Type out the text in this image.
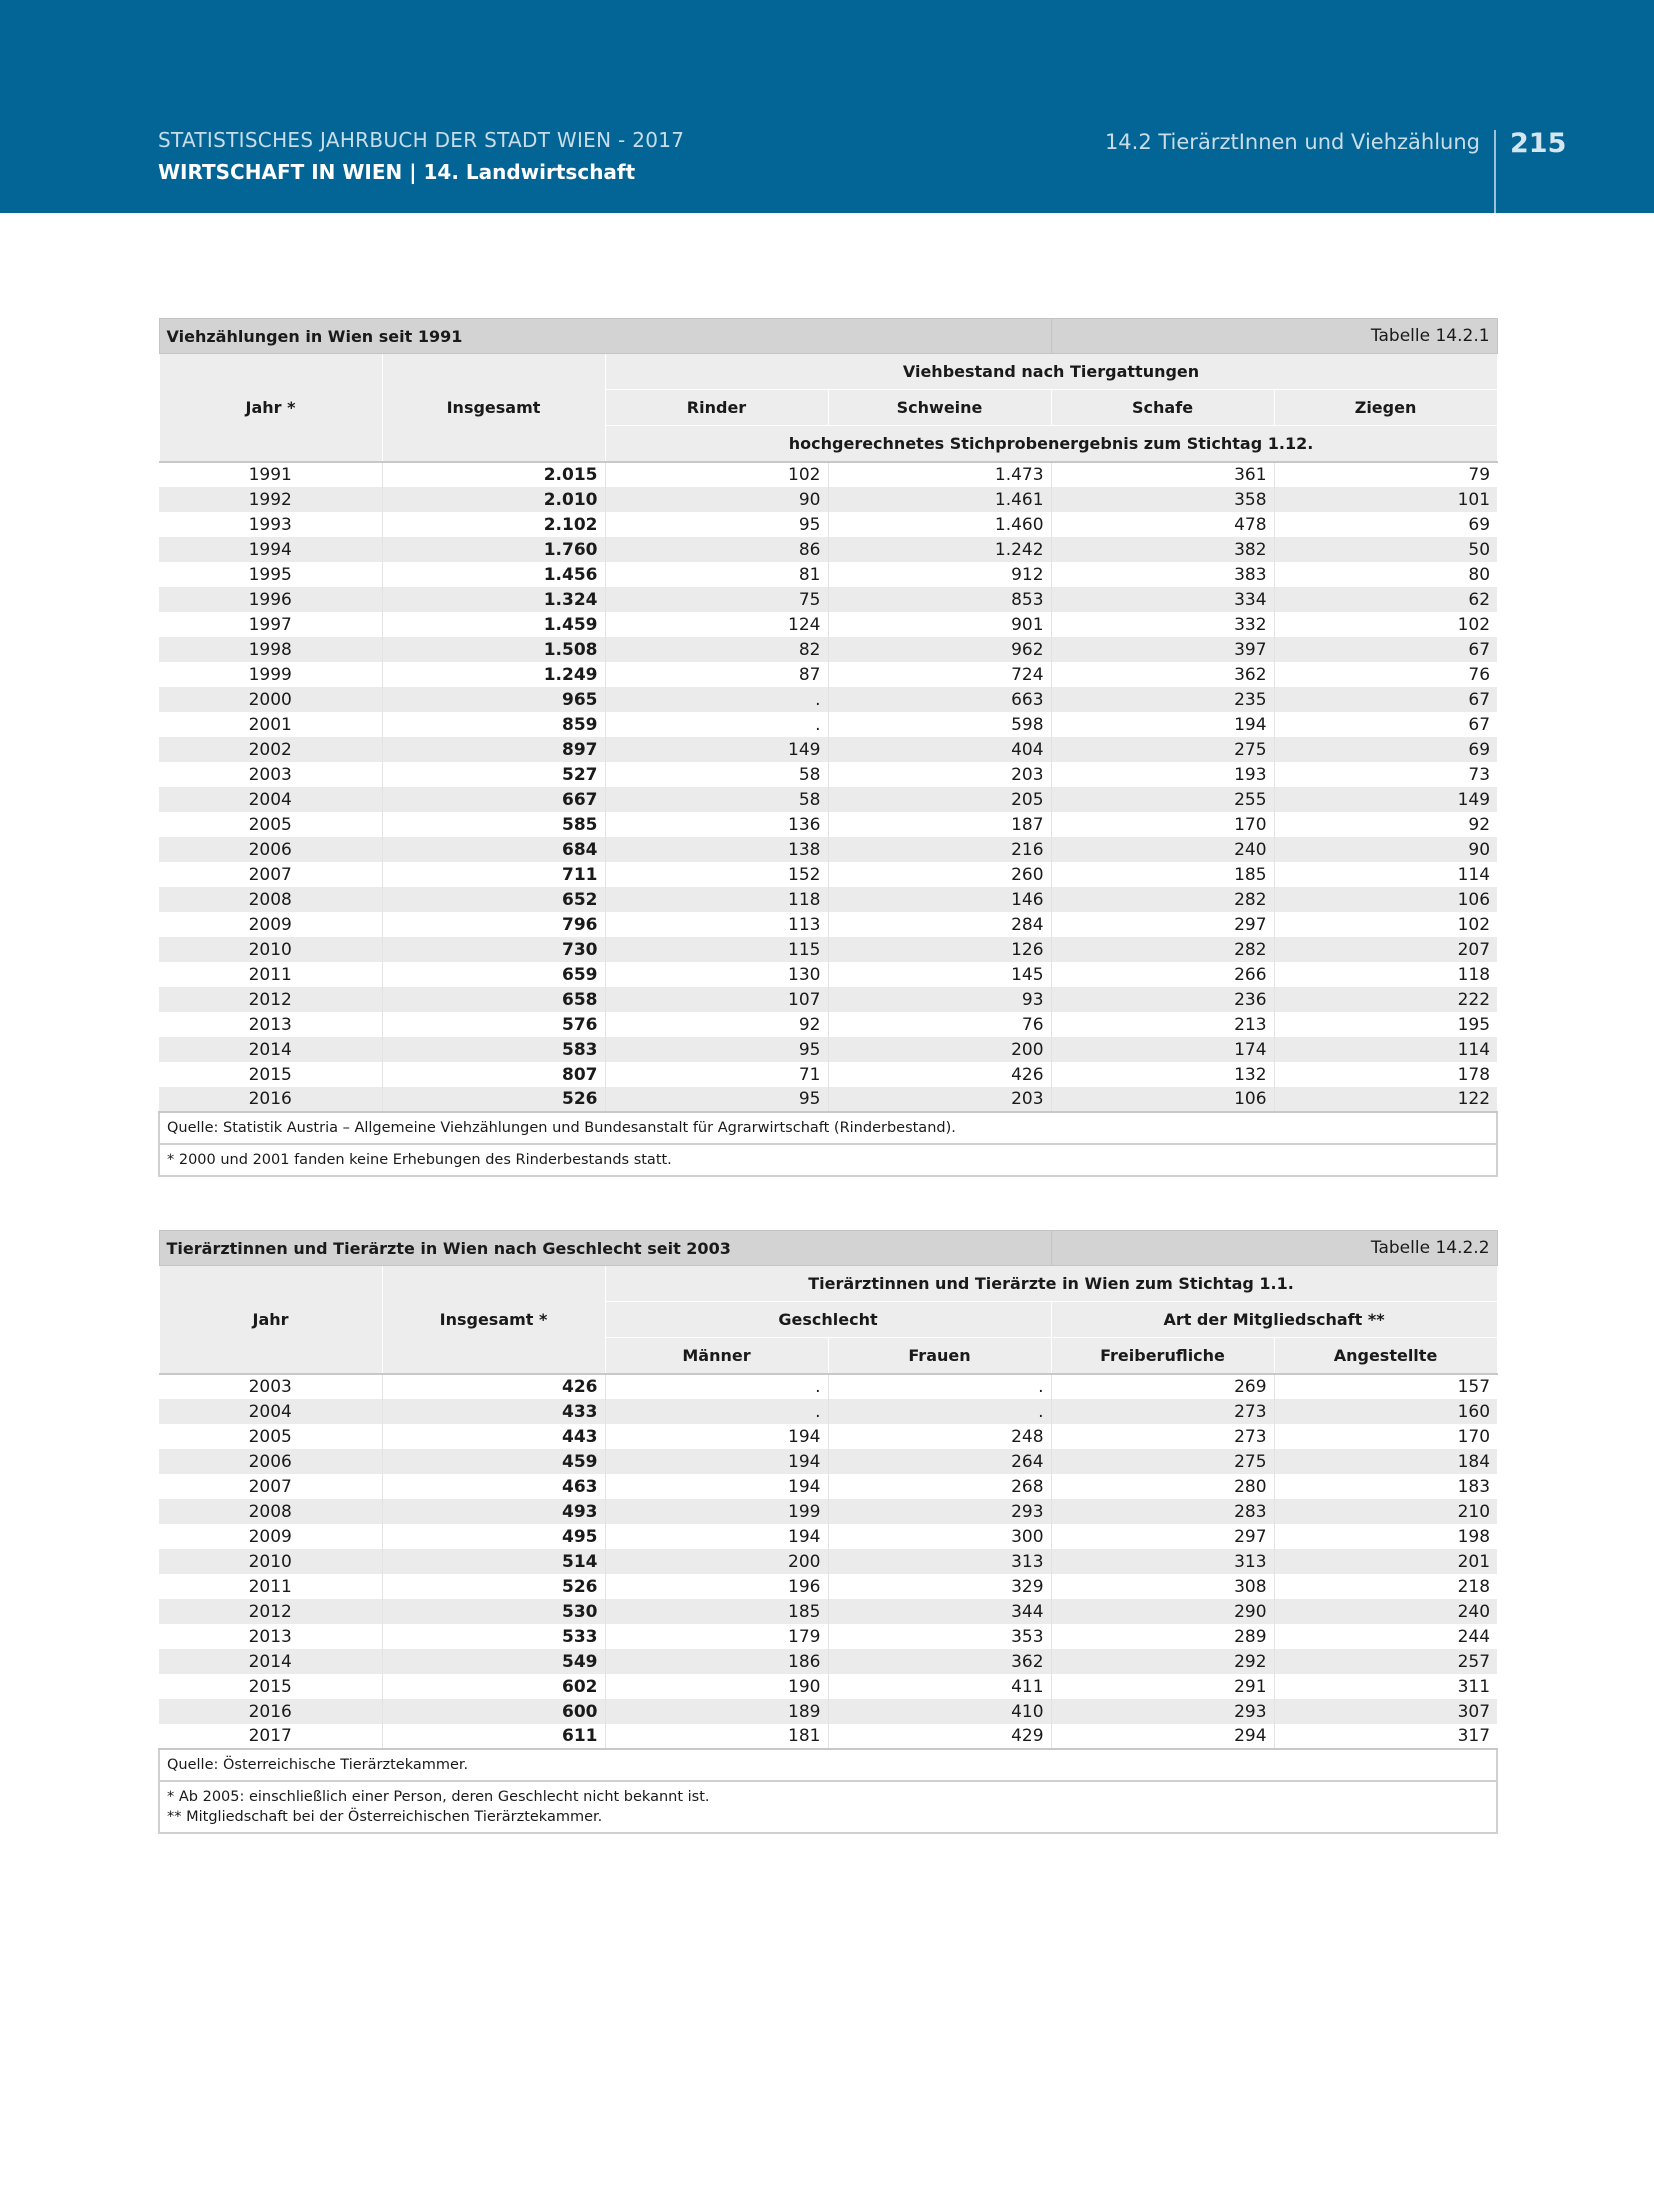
STATISTISCHES JAHRBUCH DER STADT WIEN - 2017
WIRTSCHAFT IN WIEN | 14. Landwirtschaft
14.2 TierärztInnen und Viehzählung 215
Viehzählungen in Wien seit 1991				Tabelle 14.2.1	
Jahr *	Insgesamt	Viehbestand nach Tiergattungen			
		Rinder	Schweine	Schafe	Ziegen
		hochgerechnetes Stichprobenergebnis zum Stichtag 1.12.			
1991	2.015	102	1.473	361	79
1992	2.010	90	1.461	358	101
1993	2.102	95	1.460	478	69
1994	1.760	86	1.242	382	50
1995	1.456	81	912	383	80
1996	1.324	75	853	334	62
1997	1.459	124	901	332	102
1998	1.508	82	962	397	67
1999	1.249	87	724	362	76
2000	965	.	663	235	67
2001	859	.	598	194	67
2002	897	149	404	275	69
2003	527	58	203	193	73
2004	667	58	205	255	149
2005	585	136	187	170	92
2006	684	138	216	240	90
2007	711	152	260	185	114
2008	652	118	146	282	106
2009	796	113	284	297	102
2010	730	115	126	282	207
2011	659	130	145	266	118
2012	658	107	93	236	222
2013	576	92	76	213	195
2014	583	95	200	174	114
2015	807	71	426	132	178
2016	526	95	203	106	122
Quelle: Statistik Austria – Allgemeine Viehzählungen und Bundesanstalt für Agrarwirtschaft (Rinderbestand).					
* 2000 und 2001 fanden keine Erhebungen des Rinderbestands statt.					
Tierärztinnen und Tierärzte in Wien nach Geschlecht seit 2003				Tabelle 14.2.2	
Jahr	Insgesamt *	Tierärztinnen und Tierärzte in Wien zum Stichtag 1.1.			
		Geschlecht		Art der Mitgliedschaft **	
		Männer	Frauen	Freiberufliche	Angestellte
2003	426	.	.	269	157
2004	433	.	.	273	160
2005	443	194	248	273	170
2006	459	194	264	275	184
2007	463	194	268	280	183
2008	493	199	293	283	210
2009	495	194	300	297	198
2010	514	200	313	313	201
2011	526	196	329	308	218
2012	530	185	344	290	240
2013	533	179	353	289	244
2014	549	186	362	292	257
2015	602	190	411	291	311
2016	600	189	410	293	307
2017	611	181	429	294	317
Quelle: Österreichische Tierärztekammer.					

* Ab 2005: einschließlich einer Person, deren Geschlecht nicht bekannt ist.
** Mitgliedschaft bei der Österreichischen Tierärztekammer.					
